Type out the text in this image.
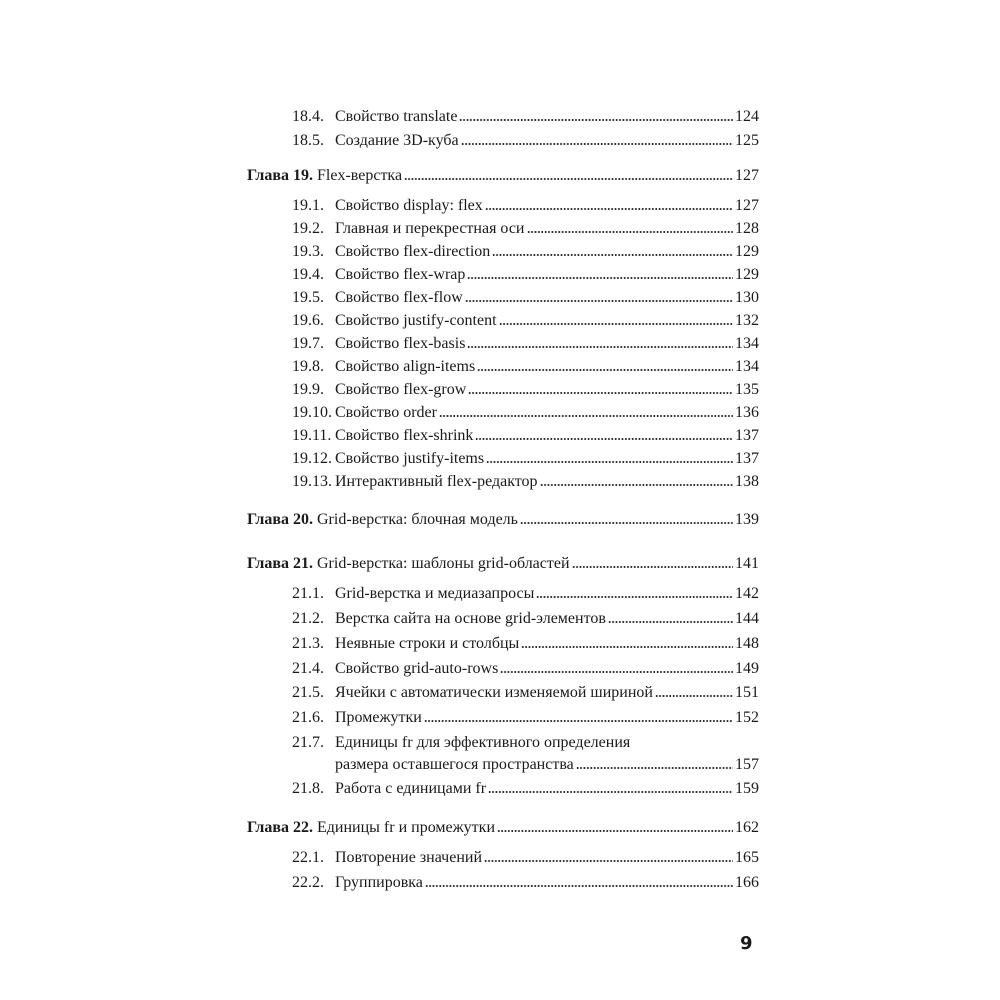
18.4. Свойство translate	124
18.5. Создание 3D-куба	125
Глава 19. Flex-верстка	127
19.1. Свойство display: flex	127
19.2. Главная и перекрестная оси	128
19.3. Свойство flex-direction	129
19.4. Свойство flex-wrap	129
19.5. Свойство flex-flow	130
19.6. Свойство justify-content	132
19.7. Свойство flex-basis	134
19.8. Свойство align-items	134
19.9. Свойство flex-grow	135
19.10. Свойство order	136
19.11. Свойство flex-shrink	137
19.12. Свойство justify-items	137
19.13. Интерактивный flex-редактор	138
Глава 20. Grid-верстка: блочная модель	139
Глава 21. Grid-верстка: шаблоны grid-областей	141
21.1. Grid-верстка и медиазапросы	142
21.2. Верстка сайта на основе grid-элементов	144
21.3. Неявные строки и столбцы	148
21.4. Свойство grid-auto-rows	149
21.5. Ячейки с автоматически изменяемой шириной	151
21.6. Промежутки	152
21.7. Единицы fr для эффективного определения
размера оставшегося пространства	157
21.8. Работа с единицами fr	159
Глава 22. Единицы fr и промежутки	162
22.1. Повторение значений	165
22.2. Группировка	166
9
